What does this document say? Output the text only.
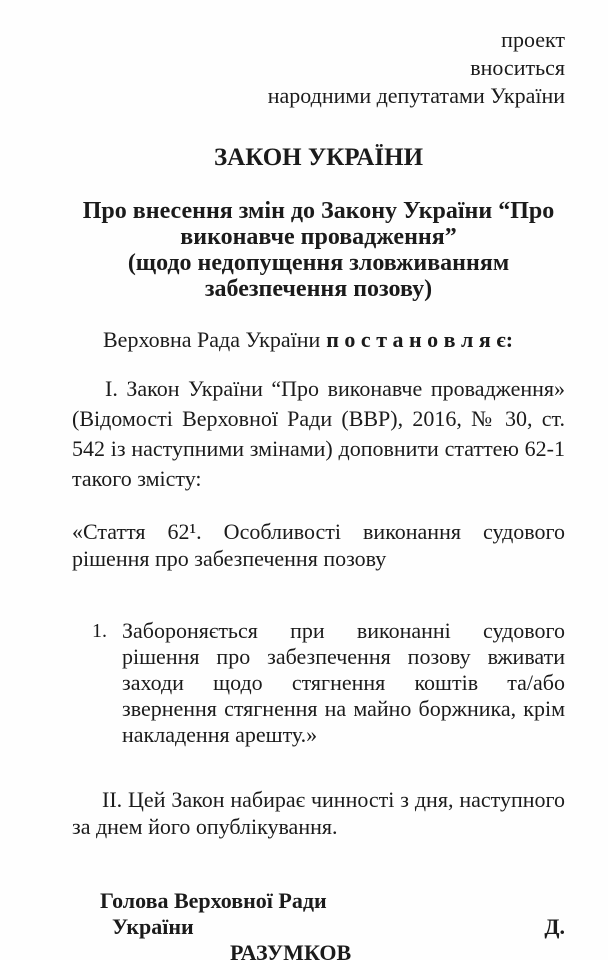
проект
вноситься
народними депутатами України
ЗАКОН УКРАЇНИ
Про внесення змін до Закону України “Про виконавче провадження”
(щодо недопущення зловживанням забезпечення позову)
Верховна Рада України п о с т а н о в л я є:
І. Закон України “Про виконавче провадження» (Відомості Верховної Ради (ВВР), 2016, № 30, ст. 542 із наступними змінами) доповнити статтею 62-1 такого змісту:
«Стаття 62¹. Особливості виконання судового рішення про забезпечення позову
1. Забороняється при виконанні судового рішення про забезпечення позову вживати заходи щодо стягнення коштів та/або звернення стягнення на майно боржника, крім накладення арешту.»
ІІ. Цей Закон набирає чинності з дня, наступного за днем його опублікування.
Голова Верховної Ради
України	Д.
РАЗУМКОВ
